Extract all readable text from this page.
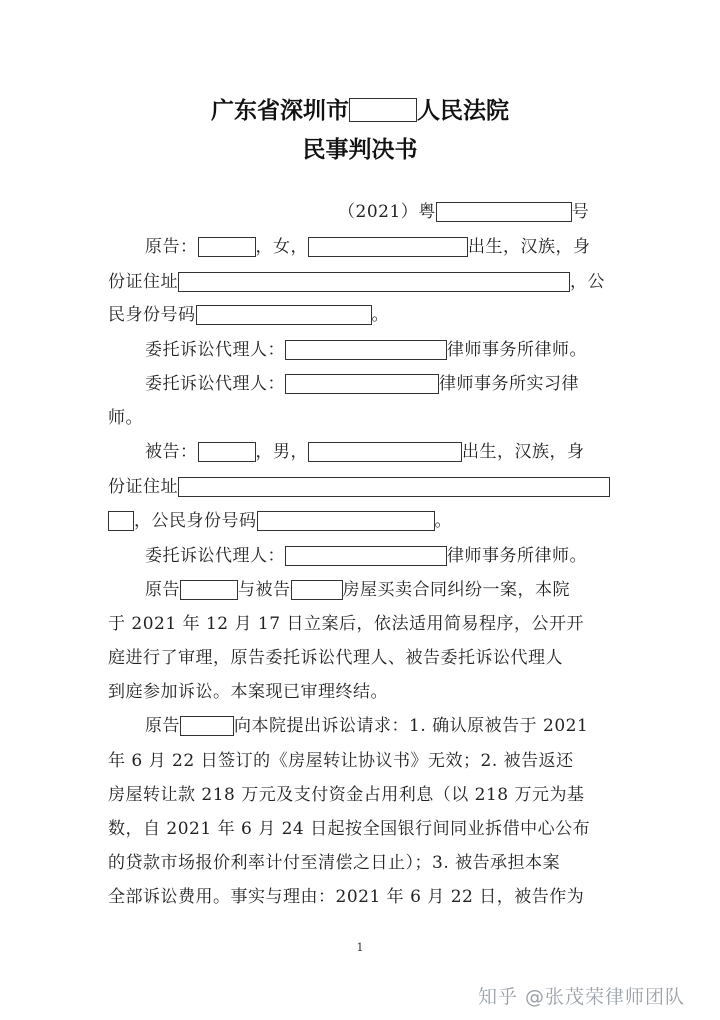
广东省深圳市	人民法院
民事判决书
（2021）粤	号
原告：	，女，	出生，汉族，身
份证住址	，公
民身份号码	。
委托诉讼代理人：	律师事务所律师。
委托诉讼代理人：	律师事务所实习律
师。
被告：	，男，	出生，汉族，身
份证住址
，公民身份号码	。
委托诉讼代理人：	律师事务所律师。
原告	与被告	房屋买卖合同纠纷一案，本院
于 2021 年 12 月 17 日立案后，依法适用简易程序，公开开
庭进行了审理，原告委托诉讼代理人、被告委托诉讼代理人
到庭参加诉讼。本案现已审理终结。
原告	向本院提出诉讼请求：1. 确认原被告于 2021
年 6 月 22 日签订的《房屋转让协议书》无效；2. 被告返还
房屋转让款 218 万元及支付资金占用利息（以 218 万元为基
数，自 2021 年 6 月 24 日起按全国银行间同业拆借中心公布
的贷款市场报价利率计付至清偿之日止）；3. 被告承担本案
全部诉讼费用。事实与理由：2021 年 6 月 22 日，被告作为
1
知乎 @张茂荣律师团队
